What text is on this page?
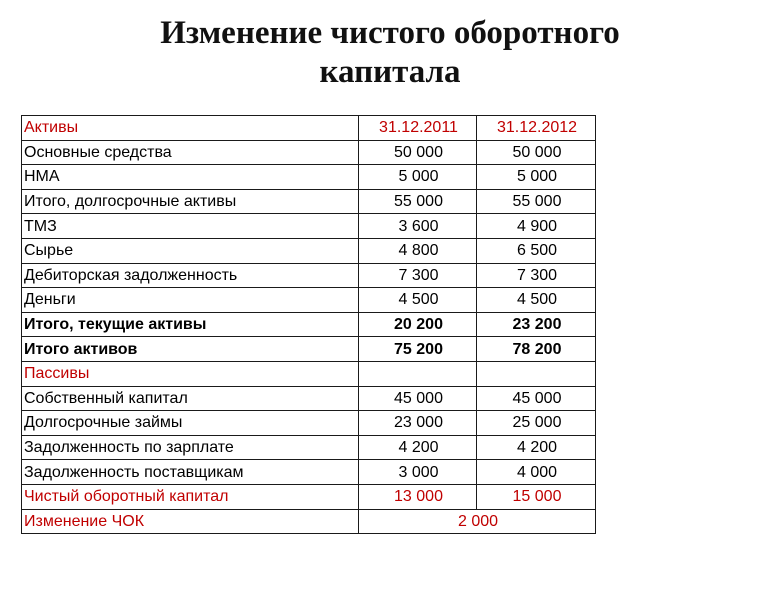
Изменение чистого оборотного
капитала
Активы	31.12.2011	31.12.2012
Основные средства	50 000	50 000
НМА	5 000	5 000
Итого, долгосрочные активы	55 000	55 000
ТМЗ	3 600	4 900
Сырье	4 800	6 500
Дебиторская задолженность	7 300	7 300
Деньги	4 500	4 500
Итого, текущие активы	20 200	23 200
Итого активов	75 200	78 200
Пассивы		
Собственный капитал	45 000	45 000
Долгосрочные займы	23 000	25 000
Задолженность по зарплате	4 200	4 200
Задолженность поставщикам	3 000	4 000
Чистый оборотный капитал	13 000	15 000
Изменение ЧОК	2 000	
